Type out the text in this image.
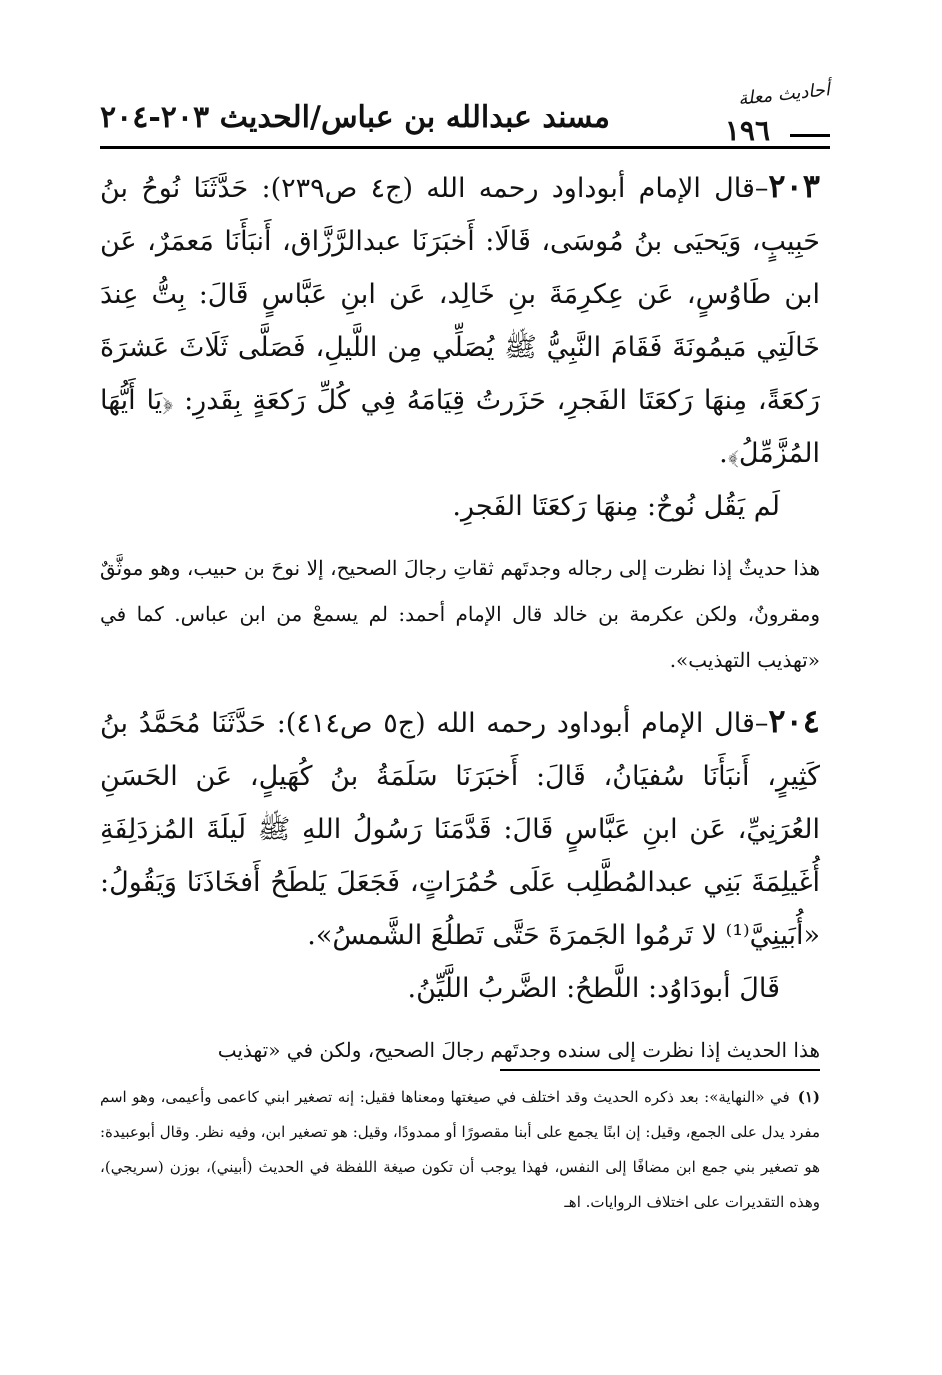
أحاديث معلة
مسند عبدالله بن عباس/الحديث ٢٠٣-٢٠٤	١٩٦

٢٠٣–قال الإمام أبوداود رحمه الله (ج٤ ص٢٣٩): حَدَّثَنَا نُوحُ بنُ حَبِيبٍ، وَيَحيَى بنُ مُوسَى، قَالَا: أَخبَرَنَا عبدالرَّزَّاق، أَنبَأَنَا مَعمَرٌ، عَن ابن طَاوُسٍ، عَن عِكرِمَةَ بنِ خَالِد، عَن ابنِ عَبَّاسٍ قَالَ: بِتُّ عِندَ خَالَتِي مَيمُونَةَ فَقَامَ النَّبِيُّ ﷺ يُصَلِّي مِن اللَّيلِ، فَصَلَّى ثَلَاثَ عَشرَةَ رَكعَةً، مِنهَا رَكعَتَا الفَجرِ، حَزَرتُ قِيَامَهُ فِي كُلِّ رَكعَةٍ بِقَدرِ: ﴿يَا أَيُّهَا المُزَّمِّلُ﴾.

لَم يَقُل نُوحٌ: مِنهَا رَكعَتَا الفَجرِ.

هذا حديثٌ إذا نظرت إلى رجاله وجدتَهم ثقاتِ رجالَ الصحيح، إلا نوحَ بن حبيب، وهو موثَّقٌ ومقرونٌ، ولكن عكرمة بن خالد قال الإمام أحمد: لم يسمعْ من ابن عباس. كما في «تهذيب التهذيب».

٢٠٤–قال الإمام أبوداود رحمه الله (ج٥ ص٤١٤): حَدَّثَنَا مُحَمَّدُ بنُ كَثِيرٍ، أَنبَأَنَا سُفيَانُ، قَالَ: أَخبَرَنَا سَلَمَةُ بنُ كُهَيلٍ، عَن الحَسَنِ العُرَنِيِّ، عَن ابنِ عَبَّاسٍ قَالَ: قَدَّمَنَا رَسُولُ اللهِ ﷺ لَيلَةَ المُزدَلِفَةِ أُغَيلِمَةَ بَنِي عبدالمُطَّلِب عَلَى حُمُرَاتٍ، فَجَعَلَ يَلطَحُ أَفخَاذَنَا وَيَقُولُ: «أُبَينِيَّ⁽¹⁾ لا تَرمُوا الجَمرَةَ حَتَّى تَطلُعَ الشَّمسُ».

قَالَ أبودَاوُد: اللَّطحُ: الضَّربُ اللَّيِّنُ.

هذا الحديث إذا نظرت إلى سنده وجدتَهم رجالَ الصحيح، ولكن في «تهذيب

(١)في «النهاية»: بعد ذكره الحديث وقد اختلف في صيغتها ومعناها فقيل: إنه تصغير ابني كاعمى وأعيمى، وهو اسم مفرد يدل على الجمع، وقيل: إن ابنًا يجمع على أبنا مقصورًا أو ممدودًا، وقيل: هو تصغير ابن، وفيه نظر. وقال أبوعبيدة: هو تصغير بني جمع ابن مضافًا إلى النفس، فهذا يوجب أن تكون صيغة اللفظة في الحديث (أبيني)، بوزن (سريجي)، وهذه التقديرات على اختلاف الروايات. اهـ
